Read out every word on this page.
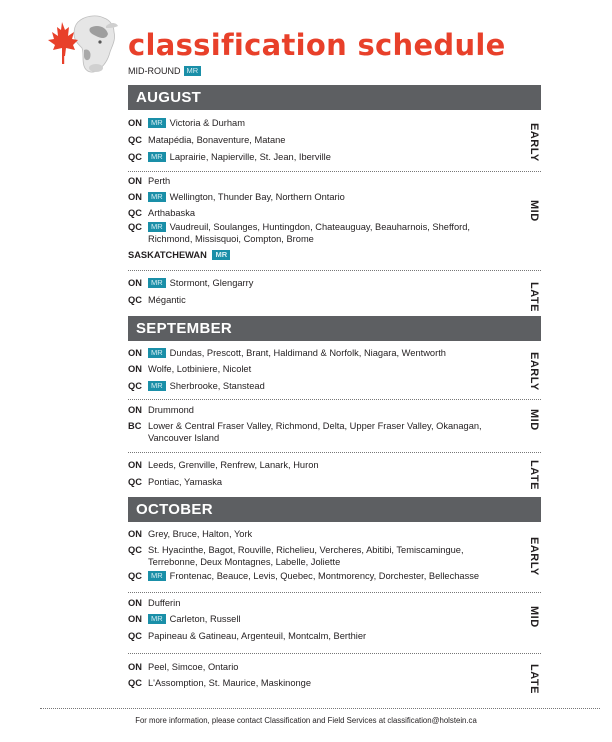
classification schedule
MID-ROUND MR
AUGUST
ON	MR Victoria & Durham
QC Matapédia, Bonaventure, Matane
QC	MR Laprairie, Napierville, St. Jean, Iberville	EARLY
ON Perth
ON	MR Wellington, Thunder Bay, Northern Ontario
QC Arthabaska
QC	MR Vaudreuil, Soulanges, Huntingdon, Chateauguay, Beauharnois, Shefford, Richmond, Missisquoi, Compton, Brome
SASKATCHEWAN MR
MID
ON	MR Stormont, Glengarry
QC Mégantic	LATE
SEPTEMBER
ON	MR Dundas, Prescott, Brant, Haldimand & Norfolk, Niagara, Wentworth
ON Wolfe, Lotbiniere, Nicolet
QC	MR Sherbrooke, Stanstead	EARLY
ON Drummond
BC Lower & Central Fraser Valley, Richmond, Delta, Upper Fraser Valley, Okanagan, Vancouver Island
MID
ON Leeds, Grenville, Renfrew, Lanark, Huron
QC Pontiac, Yamaska	LATE
OCTOBER
ON Grey, Bruce, Halton, York
QC St. Hyacinthe, Bagot, Rouville, Richelieu, Vercheres, Abitibi, Temiscamingue, Terrebonne, Deux Montagnes, Labelle, Joliette
QC	MR Frontenac, Beauce, Levis, Quebec, Montmorency, Dorchester, Bellechasse
EARLY
ON Dufferin
ON	MR Carleton, Russell
QC Papineau & Gatineau, Argenteuil, Montcalm, Berthier
MID
ON Peel, Simcoe, Ontario
QC L'Assomption, St. Maurice, Maskinonge	LATE
For more information, please contact Classification and Field Services at classification@holstein.ca
